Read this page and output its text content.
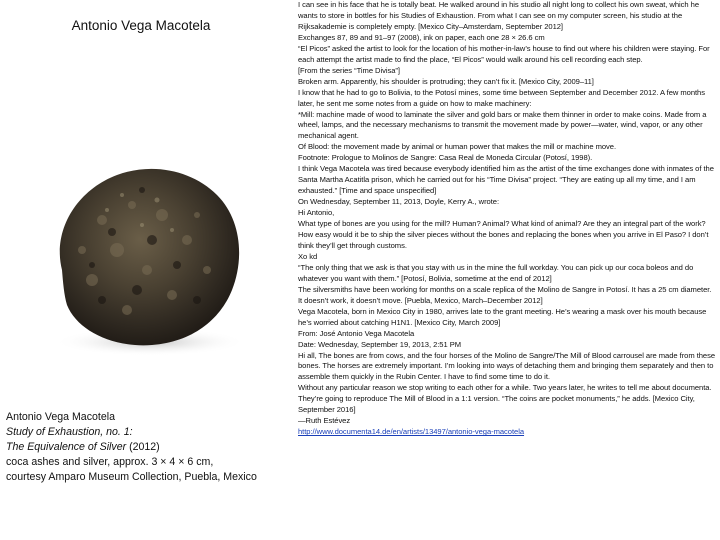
Antonio Vega Macotela
Antonio Vega Macotela
Study of Exhaustion, no. 1:
The Equivalence of Silver (2012)
coca ashes and silver, approx. 3 × 4 × 6 cm,
courtesy Amparo Museum Collection, Puebla, Mexico

I can see in his face that he is totally beat. He walked around in his studio all night long to collect his own sweat, which he wants to store in bottles for his Studies of Exhaustion. From what I can see on my computer screen, his studio at the Rijksakademie is completely empty. [Mexico City–Amsterdam, September 2012]

Exchanges 87, 89 and 91–97 (2008), ink on paper, each one 28 × 26.6 cm

“El Picos” asked the artist to look for the location of his mother-in-law’s house to find out where his children were staying. For each attempt the artist made to find the place, “El Picos” would walk around his cell recording each step.

[From the series “Time Divisa”]

Broken arm. Apparently, his shoulder is protruding; they can’t fix it. [Mexico City, 2009–11]

I know that he had to go to Bolivia, to the Potosí mines, some time between September and December 2012. A few months later, he sent me some notes from a guide on how to make machinery:

*Mill: machine made of wood to laminate the silver and gold bars or make them thinner in order to make coins. Made from a wheel, lamps, and the necessary mechanisms to transmit the movement made by power—water, wind, vapor, or any other mechanical agent.

Of Blood: the movement made by animal or human power that makes the mill or machine move.

Footnote: Prologue to Molinos de Sangre: Casa Real de Moneda Circular (Potosí, 1998).

I think Vega Macotela was tired because everybody identified him as the artist of the time exchanges done with inmates of the Santa Martha Acatitla prison, which he carried out for his “Time Divisa” project. “They are eating up all my time, and I am exhausted.” [Time and space unspecified]

On Wednesday, September 11, 2013, Doyle, Kerry A., wrote:

Hi Antonio,

What type of bones are you using for the mill? Human? Animal? What kind of animal? Are they an integral part of the work? How easy would it be to ship the silver pieces without the bones and replacing the bones when you arrive in El Paso? I don’t think they’ll get through customs.

Xo kd

“The only thing that we ask is that you stay with us in the mine the full workday. You can pick up our coca boleos and do whatever you want with them.” [Potosí, Bolivia, sometime at the end of 2012]

The silversmiths have been working for months on a scale replica of the Molino de Sangre in Potosí. It has a 25 cm diameter. It doesn’t work, it doesn’t move. [Puebla, Mexico, March–December 2012]

Vega Macotela, born in Mexico City in 1980, arrives late to the grant meeting. He’s wearing a mask over his mouth because he’s worried about catching H1N1. [Mexico City, March 2009]

From: José Antonio Vega Macotela

Date: Wednesday, September 19, 2013, 2:51 PM

Hi all, The bones are from cows, and the four horses of the Molino de Sangre/The Mill of Blood carrousel are made from these bones. The horses are extremely important. I’m looking into ways of detaching them and bringing them separately and then to assemble them quickly in the Rubin Center. I have to find some time to do it.

Without any particular reason we stop writing to each other for a while. Two years later, he writes to tell me about documenta. They’re going to reproduce The Mill of Blood in a 1:1 version. “The coins are pocket monuments,” he adds. [Mexico City, September 2016]

—Ruth Estévez

http://www.documenta14.de/en/artists/13497/antonio-vega-macotela
